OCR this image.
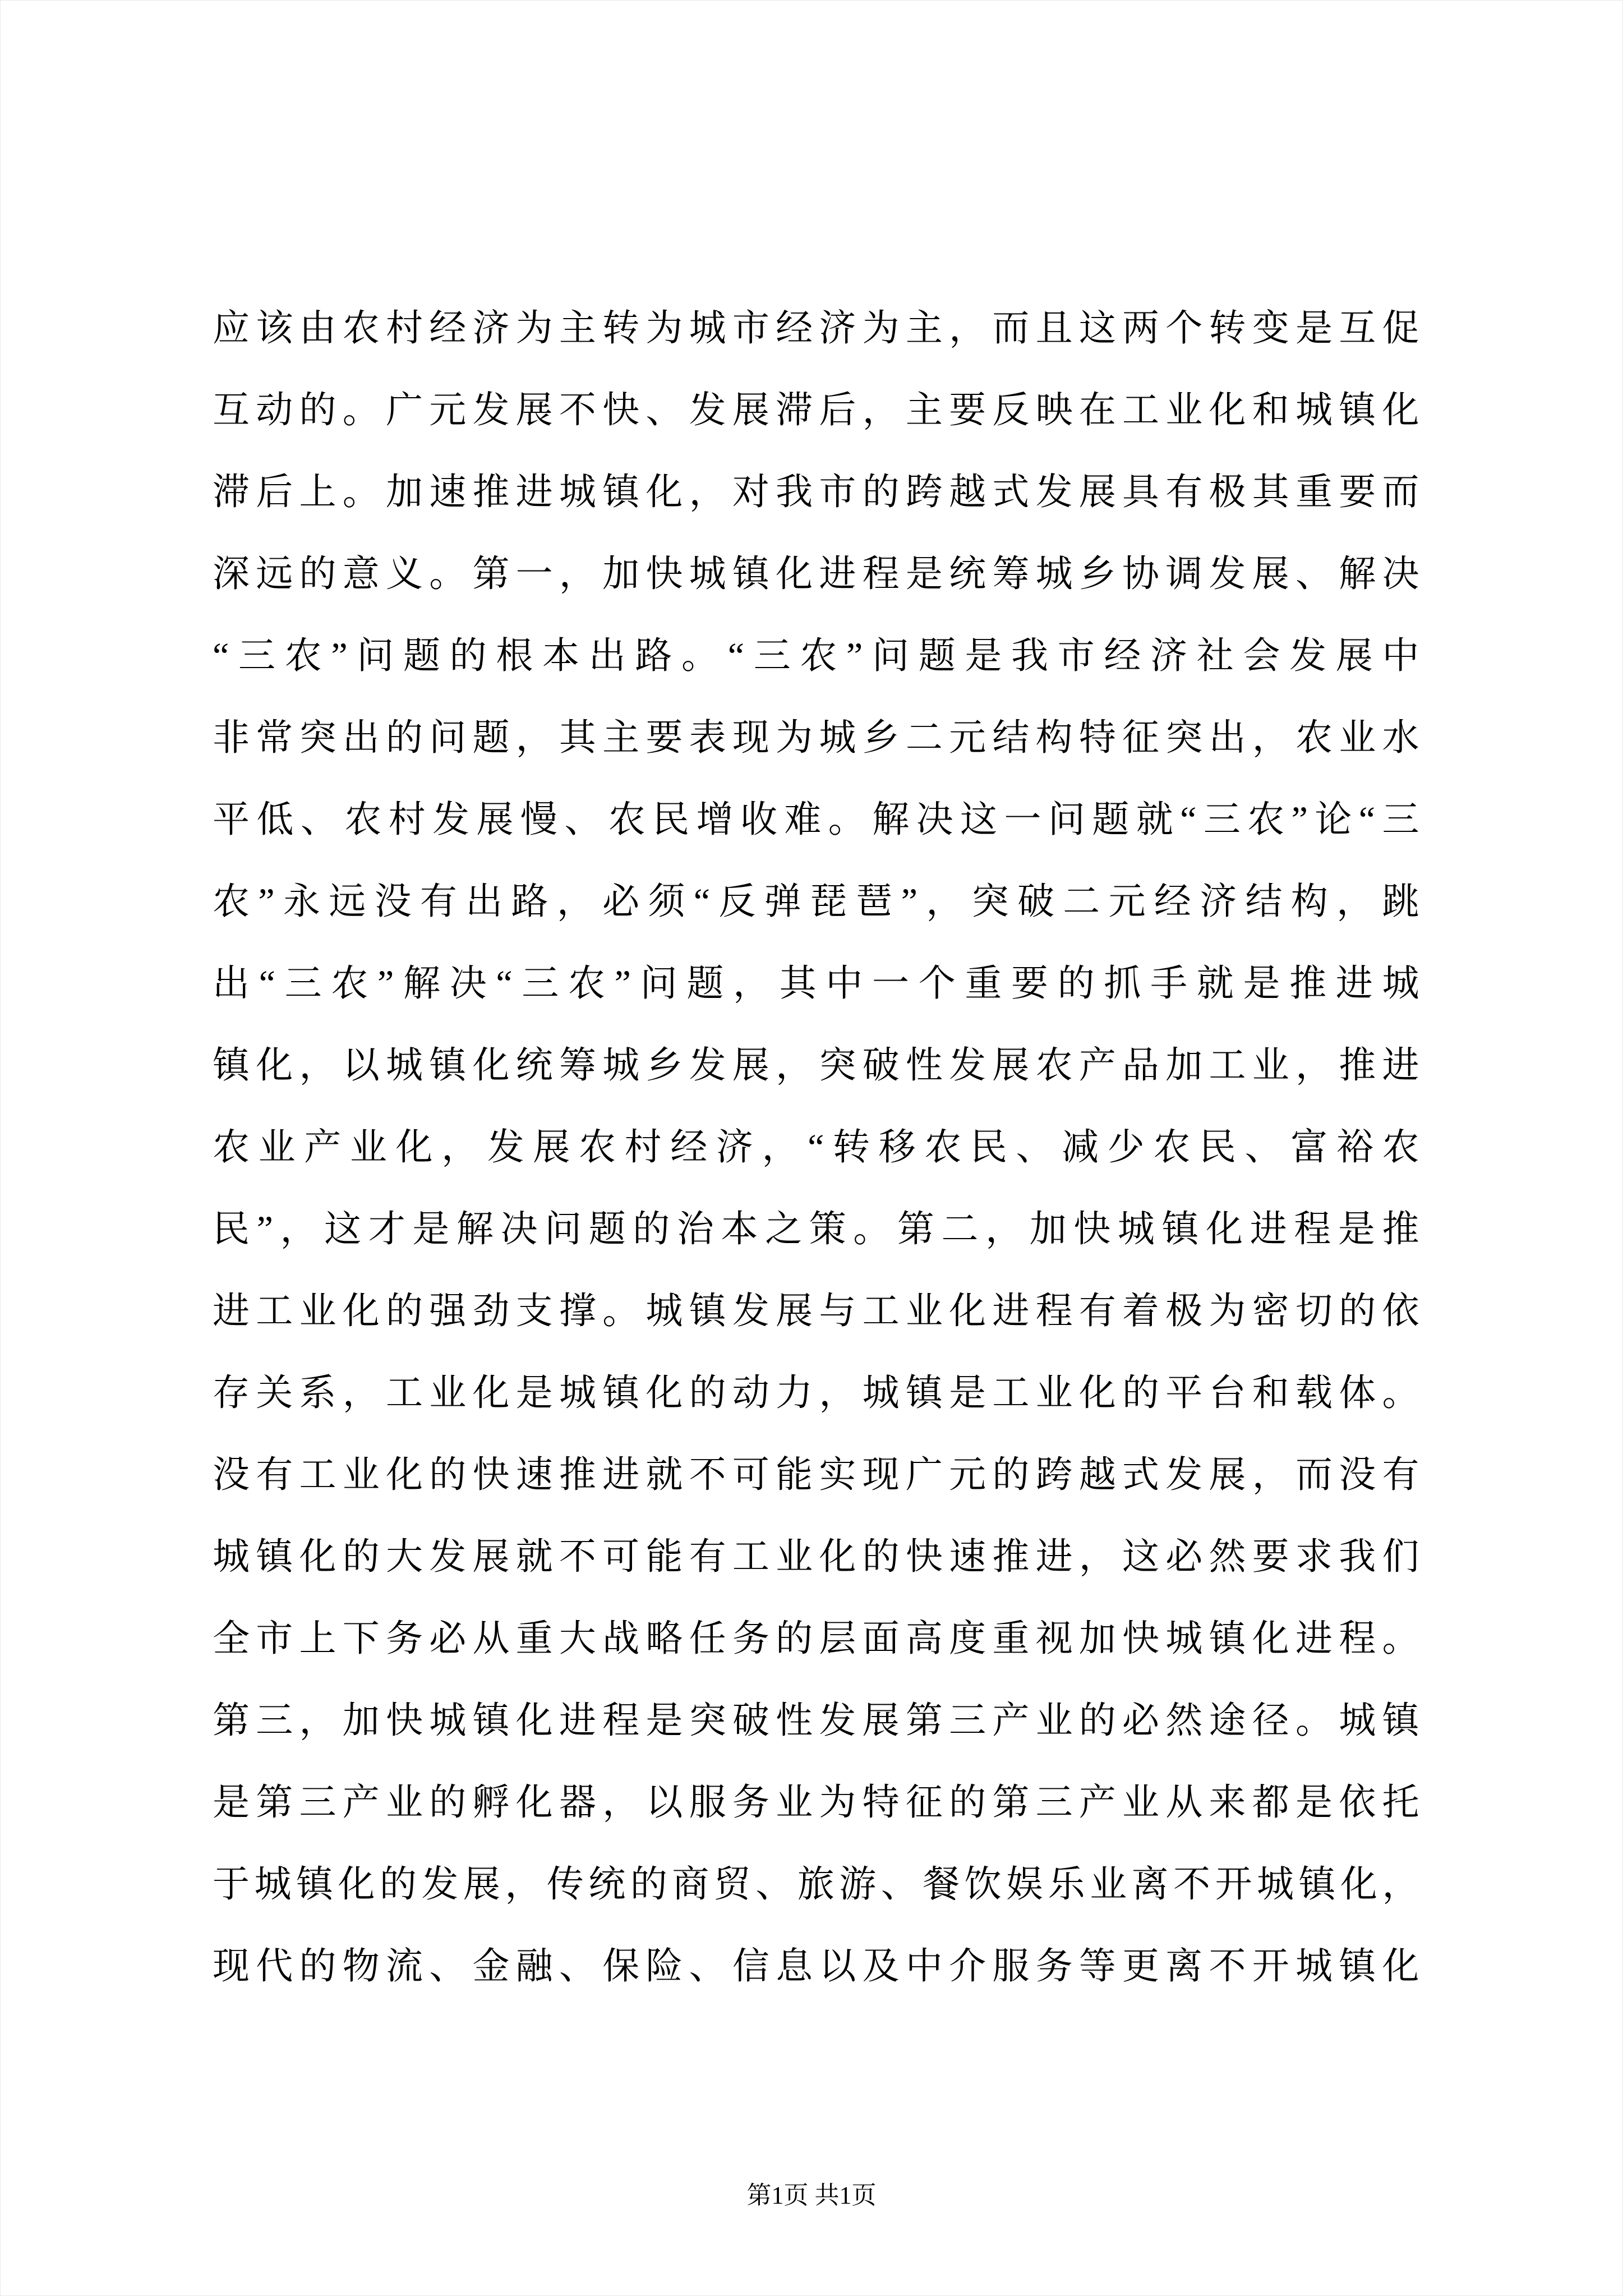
应该由农村经济为主转为城市经济为主，而且这两个转变是互促
互动的。广元发展不快、发展滞后，主要反映在工业化和城镇化
滞后上。加速推进城镇化，对我市的跨越式发展具有极其重要而
深远的意义。第一，加快城镇化进程是统筹城乡协调发展、解决
“三农”问题的根本出路。“三农”问题是我市经济社会发展中
非常突出的问题，其主要表现为城乡二元结构特征突出，农业水
平低、农村发展慢、农民增收难。解决这一问题就“三农”论“三
农”永远没有出路，必须“反弹琵琶”，突破二元经济结构，跳
出“三农”解决“三农”问题，其中一个重要的抓手就是推进城
镇化，以城镇化统筹城乡发展，突破性发展农产品加工业，推进
农业产业化，发展农村经济，“转移农民、减少农民、富裕农
民”，这才是解决问题的治本之策。第二，加快城镇化进程是推
进工业化的强劲支撑。城镇发展与工业化进程有着极为密切的依
存关系，工业化是城镇化的动力，城镇是工业化的平台和载体。
没有工业化的快速推进就不可能实现广元的跨越式发展，而没有
城镇化的大发展就不可能有工业化的快速推进，这必然要求我们
全市上下务必从重大战略任务的层面高度重视加快城镇化进程。
第三，加快城镇化进程是突破性发展第三产业的必然途径。城镇
是第三产业的孵化器，以服务业为特征的第三产业从来都是依托
于城镇化的发展，传统的商贸、旅游、餐饮娱乐业离不开城镇化，
现代的物流、金融、保险、信息以及中介服务等更离不开城镇化
第1页 共1页
